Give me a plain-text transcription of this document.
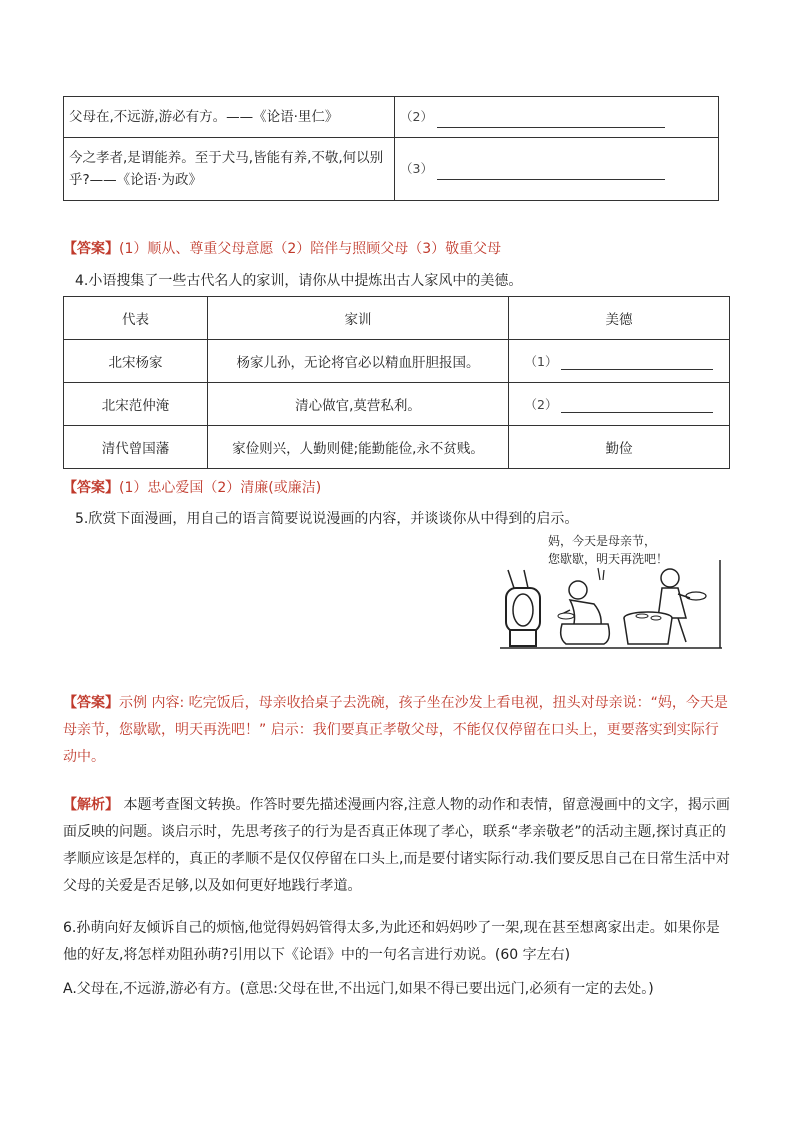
父母在,不远游,游必有方。——《论语·里仁》	（2）
今之孝者,是谓能养。至于犬马,皆能有养,不敬,何以别乎?——《论语·为政》	（3）
【答案】(1）顺从、尊重父母意愿（2）陪伴与照顾父母（3）敬重父母
4.小语搜集了一些古代名人的家训，请你从中提炼出古人家风中的美德。
代表	家训	美德
北宋杨家	杨家儿孙，无论将官必以精血肝胆报国。	（1）
北宋范仲淹	清心做官,莫营私利。	（2）
清代曾国藩	家俭则兴，人勤则健;能勤能俭,永不贫贱。	勤俭
【答案】(1）忠心爱国（2）清廉(或廉洁)
5.欣赏下面漫画，用自己的语言简要说说漫画的内容，并谈谈你从中得到的启示。
妈，今天是母亲节，
您歇歇，明天再洗吧！
【答案】示例 内容: 吃完饭后，母亲收拾桌子去洗碗，孩子坐在沙发上看电视，扭头对母亲说：“妈，今天是母亲节，您歇歇，明天再洗吧！” 启示：我们要真正孝敬父母，不能仅仅停留在口头上，更要落实到实际行动中。
【解析】 本题考查图文转换。作答时要先描述漫画内容,注意人物的动作和表情，留意漫画中的文字，揭示画面反映的问题。谈启示时，先思考孩子的行为是否真正体现了孝心，联系“孝亲敬老”的活动主题,探讨真正的孝顺应该是怎样的，真正的孝顺不是仅仅停留在口头上,而是要付诸实际行动.我们要反思自己在日常生活中对父母的关爱是否足够,以及如何更好地践行孝道。
6.孙萌向好友倾诉自己的烦恼,他觉得妈妈管得太多,为此还和妈妈吵了一架,现在甚至想离家出走。如果你是他的好友,将怎样劝阻孙萌?引用以下《论语》中的一句名言进行劝说。(60 字左右)
A.父母在,不远游,游必有方。(意思:父母在世,不出远门,如果不得已要出远门,必须有一定的去处。)
